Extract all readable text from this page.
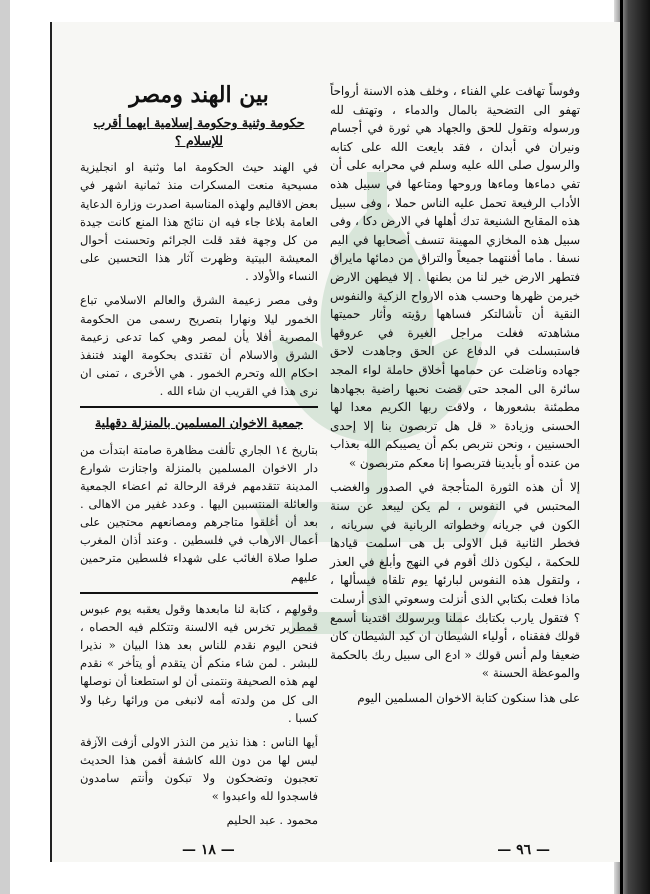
وفوساً تهافت علي الفناء ، وخلف هذه الاسنة أرواحاً تهفو الى التضحية بالمال والدماء ، وتهتف لله ورسوله وتقول للحق والجهاد هي ثورة في أجسام ونيران في أبدان ، فقد بايعت الله على كتابه والرسول صلى الله عليه وسلم في محرابه على أن تفي دماءها وماءها وروحها ومتاعها في سبيل هذه الأداب الرفيعة تحمل عليه الناس حملا ، وفى سبيل هذه المقابح الشنيعة تدك أهلها في الارض دكا ، وفى سبيل هذه المخازي المهينة تنسف أصحابها في اليم نسفا . ماما أفنتهما جميعاً والتراق من دمائها مايراق فتطهر الارض خير لنا من بطنها . إلا فيطهن الارض خيرمن ظهرها وحسب هذه الارواح الزكية والنفوس النقية أن تأشالتكر فساهها رؤيته وأثار حميتها مشاهدته فغلت مراجل الغيرة في عروقها فاستبسلت في الدفاع عن الحق وجاهدت لاحق جهاده وناضلت عن حمامها أخلاق حاملة لواء المجد سائرة الى المجد حتى قضت نحبها راضية بجهادها مطمئنة بشعورها ، ولاقت ربها الكريم معدا لها الحسنى وزيادة « قل هل تربصون بنا إلا إحدى الحسنيين ، ونحن نتربص بكم أن يصيبكم الله بعذاب من عنده أو بأيدينا فتربصوا إنا معكم متربصون »

إلا أن هذه الثورة المتأججة في الصدور والغضب المحتبس في النفوس ، لم يكن ليبعد عن سنة الكون في جريانه وخطواته الربانية في سريانه ، فخطر الثانية قبل الاولى بل هى اسلمت قيادها للحكمة ، ليكون ذلك أقوم في النهج وأبلغ في العذر ، ولتقول هذه النفوس لبارئها يوم تلقاه فيسألها ، ماذا فعلت بكتابي الذى أنزلت وسعوتي الذى أرسلت ؟ فتقول يارب بكتابك عملنا وبرسولك اقتدينا أسمع قولك ففقناه ، أولياء الشيطان ان كيد الشيطان كان ضعيفا ولم أنس قولك « ادع الى سبيل ربك بالحكمة والموعظة الحسنة »

على هذا سنكون كتابة الاخوان المسلمين اليوم

بين الهند ومصر
حكومة وثنية وحكومة إسلامية ايهما أقرب للإسلام ؟

في الهند حيث الحكومة اما وثنية او انجليزية مسيحية منعت المسكرات منذ ثمانية اشهر في بعض الاقاليم ولهذه المناسبة اصدرت وزارة الدعاية العامة بلاغا جاء فيه ان نتائج هذا المنع كانت جيدة من كل وجهة فقد قلت الجرائم وتحسنت أحوال المعيشة البيتية وظهرت آثار هذا التحسين على النساء والأولاد .

وفى مصر زعيمة الشرق والعالم الاسلامي تباع الخمور ليلا ونهارا بتصريح رسمى من الحكومة المصرية أفلا يأن لمصر وهي كما تدعى زعيمة الشرق والاسلام أن تقتدى بحكومة الهند فتنفذ احكام الله وتحرم الخمور . هي الأخرى ، تمنى ان نرى هذا في القريب ان شاء الله .

جمعية الاخوان المسلمين بالمنزلة دقهلية

بتاريخ ١٤ الجاري تألفت مظاهرة صامتة ابتدأت من دار الاخوان المسلمين بالمنزلة واجتازت شوارع المدينة تتقدمهم فرقة الرحالة ثم اعضاء الجمعية والعائلة المنتسبين اليها . وعدد غفير من الاهالى . بعد أن أغلقوا متاجرهم ومصانعهم محتجين على أعمال الارهاب في فلسطين . وعند أذان المغرب صلوا صلاة الغائب على شهداء فلسطين مترحمين عليهم

وقولهم ، كتابة لنا مابعدها وقول يعقبه يوم عبوس قمطرير تخرس فيه الالسنة وتتكلم فيه الحصاه ، فنحن اليوم نقدم للناس بعد هذا البيان « نذيرا للبشر . لمن شاء منكم أن يتقدم أو يتأخر » نقدم لهم هذه الصحيفة ونتمنى أن لو استطعنا أن نوصلها الى كل من ولدته أمه لانبغى من ورائها رغبا ولا كسبا .

أيها الناس : هذا نذير من النذر الاولى أزفت الآزفة ليس لها من دون الله كاشفة أفمن هذا الحديث تعجبون وتضحكون ولا تبكون وأنتم سامدون فاسجدوا لله واعبدوا »

محمود . عبد الحليم
— ١٨ —	— ٩٦ —
